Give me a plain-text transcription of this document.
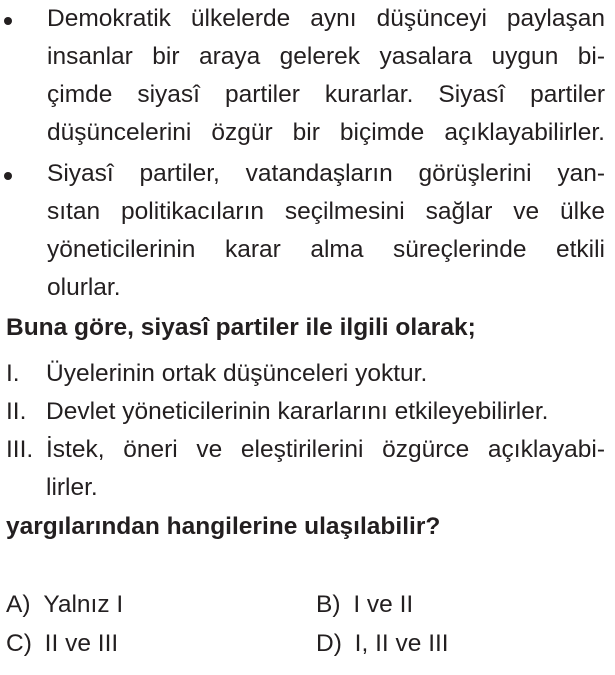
Demokratik ülkelerde aynı düşünceyi paylaşan
insanlar bir araya gelerek yasalara uygun bi-
çimde siyasî partiler kurarlar. Siyasî partiler
düşüncelerini özgür bir biçimde açıklayabilirler.
Siyasî partiler, vatandaşların görüşlerini yan-
sıtan politikacıların seçilmesini sağlar ve ülke
yöneticilerinin karar alma süreçlerinde etkili
olurlar.
Buna göre, siyasî partiler ile ilgili olarak;
I. Üyelerinin ortak düşünceleri yoktur.
II. Devlet yöneticilerinin kararlarını etkileyebilirler.
III. İstek, öneri ve eleştirilerini özgürce açıklayabi-
lirler.
yargılarından hangilerine ulaşılabilir?
A) Yalnız I	B) I ve II
C) II ve III	D) I, II ve III
